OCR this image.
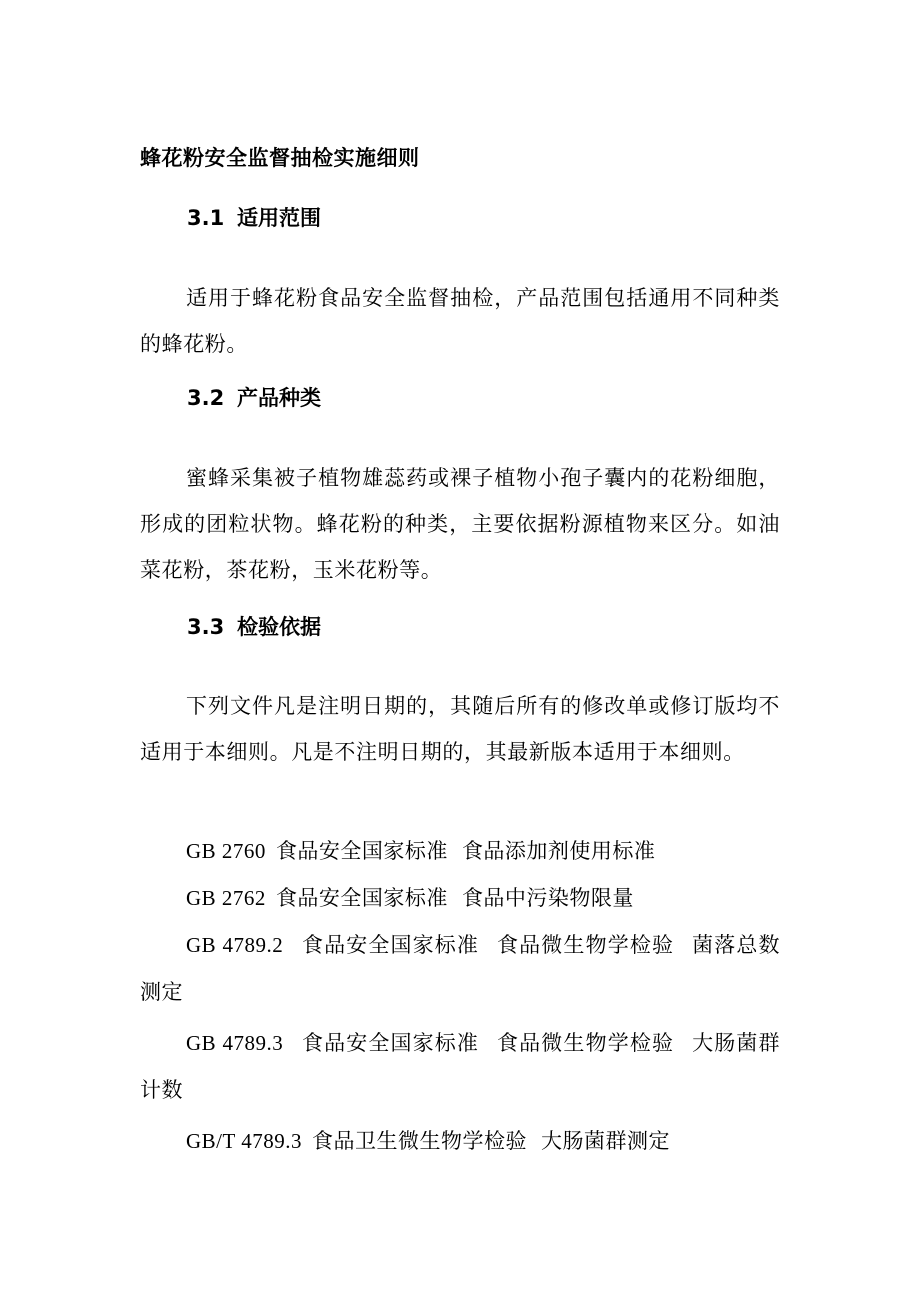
蜂花粉安全监督抽检实施细则
3.1 适用范围
适用于蜂花粉食品安全监督抽检，产品范围包括通用不同种类的蜂花粉。
3.2 产品种类
蜜蜂采集被子植物雄蕊药或裸子植物小孢子囊内的花粉细胞，形成的团粒状物。蜂花粉的种类，主要依据粉源植物来区分。如油菜花粉，茶花粉，玉米花粉等。
3.3 检验依据
下列文件凡是注明日期的，其随后所有的修改单或修订版均不适用于本细则。凡是不注明日期的，其最新版本适用于本细则。
GB 2760 食品安全国家标准 食品添加剂使用标准
GB 2762 食品安全国家标准 食品中污染物限量
GB 4789.2 食品安全国家标准 食品微生物学检验 菌落总数测定
GB 4789.3 食品安全国家标准 食品微生物学检验 大肠菌群计数
GB/T 4789.3 食品卫生微生物学检验 大肠菌群测定
